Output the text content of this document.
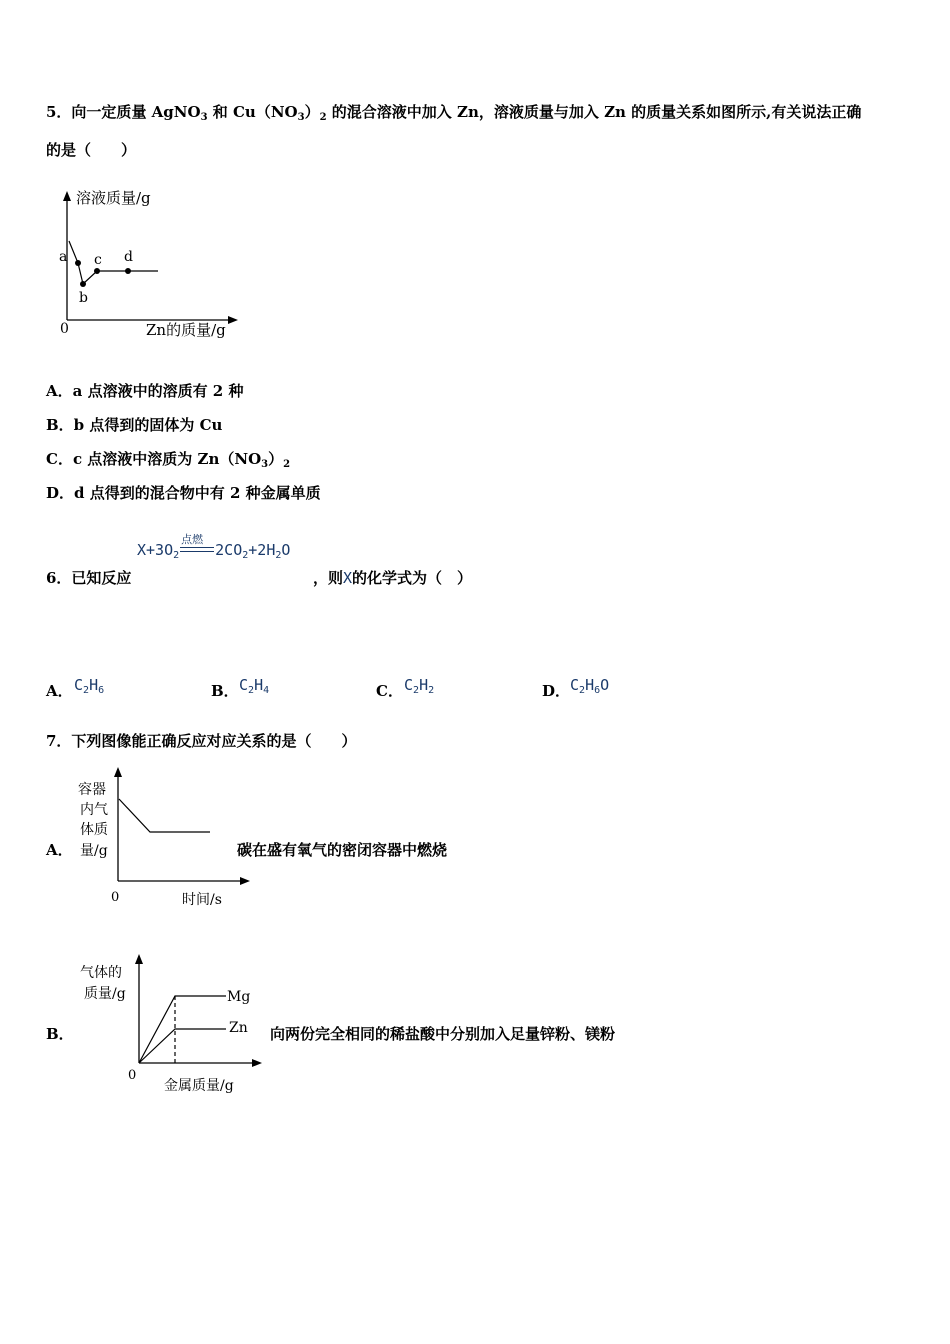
5．向一定质量 AgNO$_3$ 和 $Cu(NO_3)_2$ 的混合溶液中加入 Zn，溶液质量与加入 Zn 的质量关系如图所示,有关说法正确
的是（　　）
溶液质量/g
a
b
c d
0	Zn的质量/g
A．a 点溶液中的溶质有 2 种
B．b 点得到的固体为 Cu
C．c 点溶液中溶质为 $Zn(NO_3)_2$
D．d 点得到的混合物中有 2 种金属单质
$X+3O_2$
点燃
$2CO_2+2H_2O$
6．已知反应	，则X的化学式为（　）
A． $C_2H_6$	B． $C_2H_4$	C． $C_2H_2$	D． $C_2H_6O$
7．下列图像能正确反应对应关系的是（　　）
A．
容器
内气
体质
量/g
0	时间/s
碳在盛有氧气的密闭容器中燃烧
B．
气体的
质量/g	Mg
Zn
0
金属质量/g
向两份完全相同的稀盐酸中分别加入足量锌粉、镁粉
